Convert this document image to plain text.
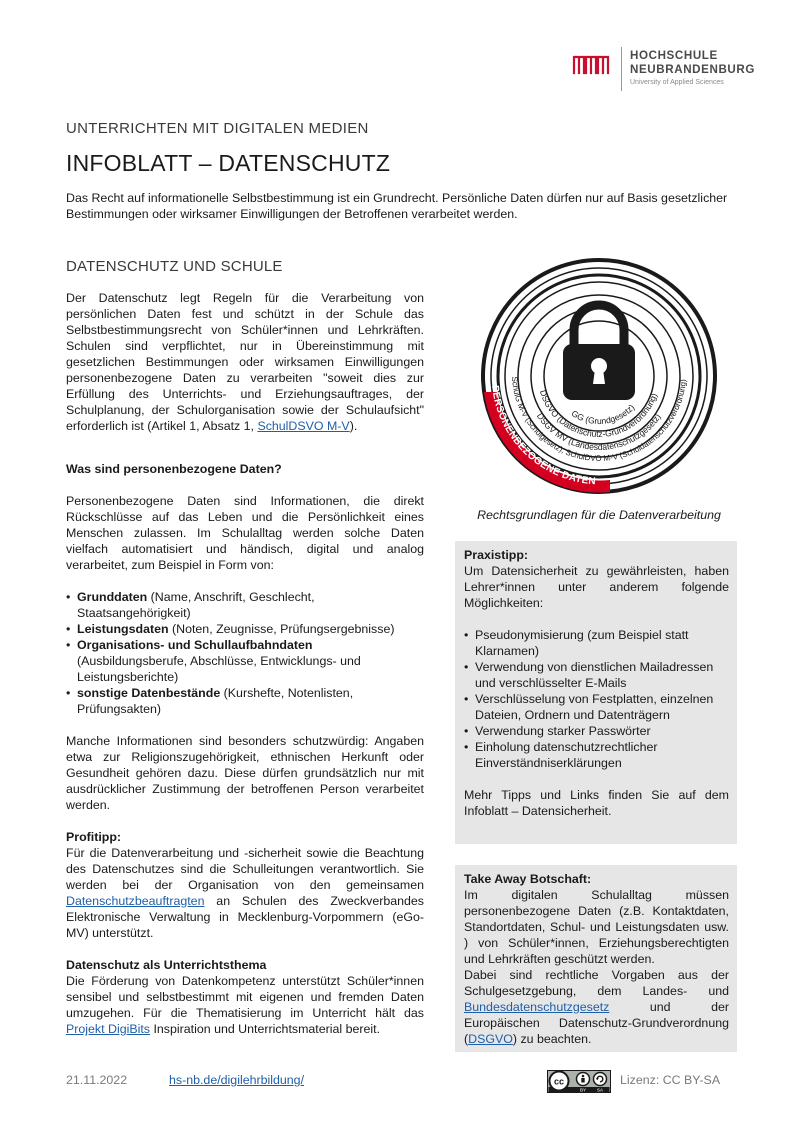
HOCHSCHULE
NEUBRANDENBURG
University of Applied Sciences
UNTERRICHTEN MIT DIGITALEN MEDIEN
INFOBLATT – DATENSCHUTZ

Das Recht auf informationelle Selbstbestimmung ist ein Grundrecht. Persönliche Daten dürfen nur auf Basis gesetzlicher Bestimmungen oder wirksamer Einwilligungen der Betroffenen verarbeitet werden.

DATENSCHUTZ UND SCHULE

Der Datenschutz legt Regeln für die Verarbeitung von persönlichen Daten fest und schützt in der Schule das Selbstbestimmungsrecht von Schüler*innen und Lehrkräften. Schulen sind verpflichtet, nur in Übereinstimmung mit gesetzlichen Bestimmungen oder wirksamen Einwilligungen personenbezogene Daten zu verarbeiten "soweit dies zur Erfüllung des Unterrichts- und Erziehungsauftrages, der Schulplanung, der Schulorganisation sowie der Schulaufsicht" erforderlich ist (Artikel 1, Absatz 1, SchulDSVO M-V).

Was sind personenbezogene Daten?

Personenbezogene Daten sind Informationen, die direkt Rückschlüsse auf das Leben und die Persönlichkeit eines Menschen zulassen. Im Schulalltag werden solche Daten vielfach automatisiert und händisch, digital und analog verarbeitet, zum Beispiel in Form von:

• Grunddaten (Name, Anschrift, Geschlecht, Staatsangehörigkeit)
• Leistungsdaten (Noten, Zeugnisse, Prüfungsergebnisse)
• Organisations- und Schullaufbahndaten (Ausbildungsberufe, Abschlüsse, Entwicklungs- und Leistungsberichte)
• sonstige Datenbestände (Kurshefte, Notenlisten, Prüfungsakten)

Manche Informationen sind besonders schutzwürdig: Angaben etwa zur Religionszugehörigkeit, ethnischen Herkunft oder Gesundheit gehören dazu. Diese dürfen grundsätzlich nur mit ausdrücklicher Zustimmung der betroffenen Person verarbeitet werden.

Profitipp:

Für die Datenverarbeitung und -sicherheit sowie die Beachtung des Datenschutzes sind die Schulleitungen verantwortlich. Sie werden bei der Organisation von den gemeinsamen Datenschutzbeauftragten an Schulen des Zweckverbandes Elektronische Verwaltung in Mecklenburg-Vorpommern (eGo-MV) unterstützt.

Datenschutz als Unterrichtsthema

Die Förderung von Datenkompetenz unterstützt Schüler*innen sensibel und selbstbestimmt mit eigenen und fremden Daten umzugehen. Für die Thematisierung im Unterricht hält das Projekt DigiBits Inspiration und Unterrichtsmaterial bereit.

PERSONENBEZOGENE DATEN
GG (Grundgesetz)
DSGVO (Datenschutz-Grundverordnung)
DSGV MV (Landesdatenschutzgesetz)
SchulG M-V (Schulgesetz), SchulDVO M-V (Schuldatenschutzverordnung)
Rechtsgrundlagen für die Datenverarbeitung

Praxistipp:

Um Datensicherheit zu gewährleisten, haben Lehrer*innen unter anderem folgende Möglichkeiten:

• Pseudonymisierung (zum Beispiel statt Klarnamen)
• Verwendung von dienstlichen Mailadressen und verschlüsselter E-Mails
• Verschlüsselung von Festplatten, einzelnen Dateien, Ordnern und Datenträgern
• Verwendung starker Passwörter
• Einholung datenschutzrechtlicher Einverständniserklärungen

Mehr Tipps und Links finden Sie auf dem Infoblatt – Datensicherheit.

Take Away Botschaft:

Im digitalen Schulalltag müssen personenbezogene Daten (z.B. Kontaktdaten, Standortdaten, Schul- und Leistungsdaten usw. ) von Schüler*innen, Erziehungsberechtigten und Lehrkräften geschützt werden.

Dabei sind rechtliche Vorgaben aus der Schulgesetzgebung, dem Landes- und Bundesdatenschutzgesetz und der Europäischen Datenschutz-Grundverordnung (DSGVO) zu beachten.

21.11.2022	hs-nb.de/digilehrbildung/	cc
BY SA
Lizenz: CC BY-SA
